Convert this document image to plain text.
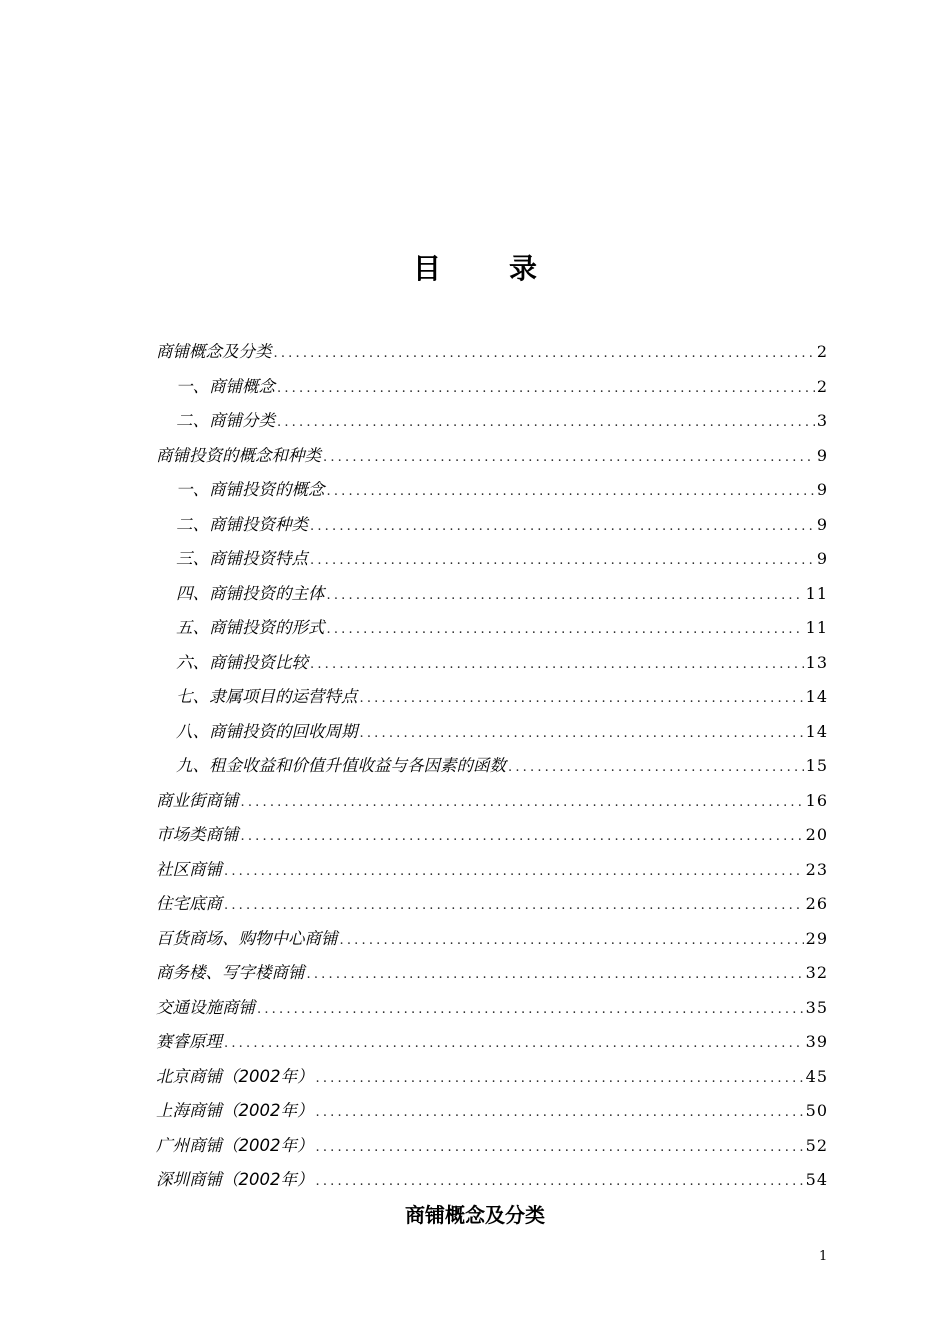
目录
商铺概念及分类 .....	2
一、商铺概念 .....	2
二、商铺分类 .....	3
商铺投资的概念和种类 .....	9
一、商铺投资的概念 .....	9
二、商铺投资种类 .....	9
三、商铺投资特点 .....	9
四、商铺投资的主体 .....	11
五、商铺投资的形式 .....	11
六、商铺投资比较 .....	13
七、隶属项目的运营特点 .....	14
八、商铺投资的回收周期 .....	14
九、租金收益和价值升值收益与各因素的函数 .....	15
商业街商铺 .....	16
市场类商铺 .....	20
社区商铺 .....	23
住宅底商 .....	26
百货商场、购物中心商铺 .....	29
商务楼、写字楼商铺 .....	32
交通设施商铺 .....	35
赛睿原理 .....	39
北京商铺（2002年） .....	45
上海商铺（2002年） .....	50
广州商铺（2002年） .....	52
深圳商铺（2002年） .....	54
商铺概念及分类
1
